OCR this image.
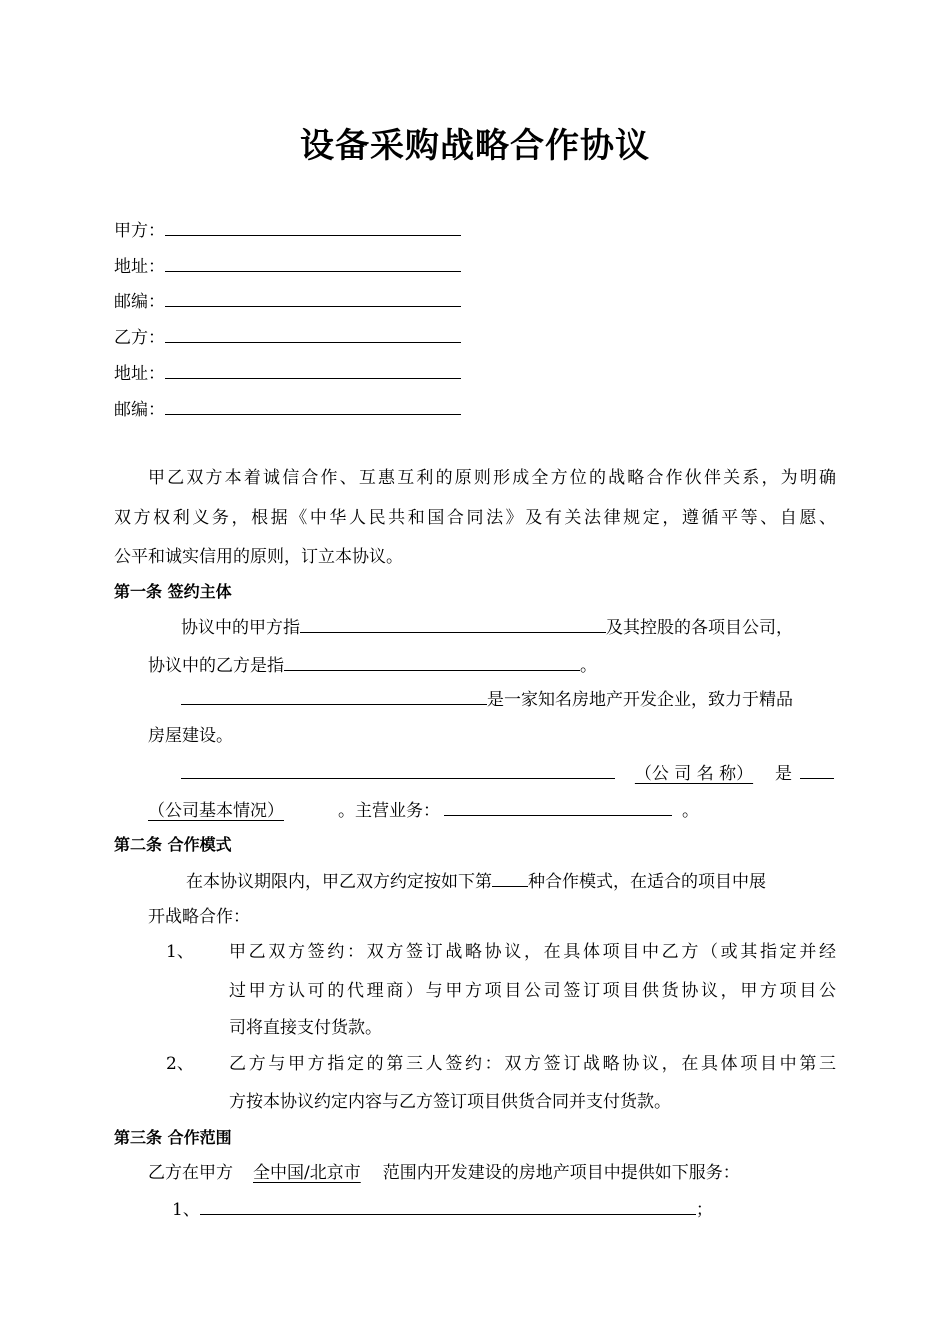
设备采购战略合作协议
甲方：
地址：
邮编：
乙方：
地址：
邮编：
甲乙双方本着诚信合作、互惠互利的原则形成全方位的战略合作伙伴关系，为明确
双方权利义务，根据《中华人民共和国合同法》及有关法律规定，遵循平等、自愿、
公平和诚实信用的原则，订立本协议。
第一条 签约主体
协议中的甲方指	及其控股的各项目公司，
协议中的乙方是指	。
是一家知名房地产开发企业，致力于精品
房屋建设。
（公 司 名 称） 是
（公司基本情况）	。主营业务：	。
第二条 合作模式
在本协议期限内，甲乙双方约定按如下第 种合作模式，在适合的项目中展
开战略合作：
1、 甲乙双方签约：双方签订战略协议，在具体项目中乙方（或其指定并经
过甲方认可的代理商）与甲方项目公司签订项目供货协议，甲方项目公
司将直接支付货款。
2、 乙方与甲方指定的第三人签约：双方签订战略协议，在具体项目中第三
方按本协议约定内容与乙方签订项目供货合同并支付货款。
第三条 合作范围
乙方在甲方 全中国/北京市 范围内开发建设的房地产项目中提供如下服务：
1、	；
